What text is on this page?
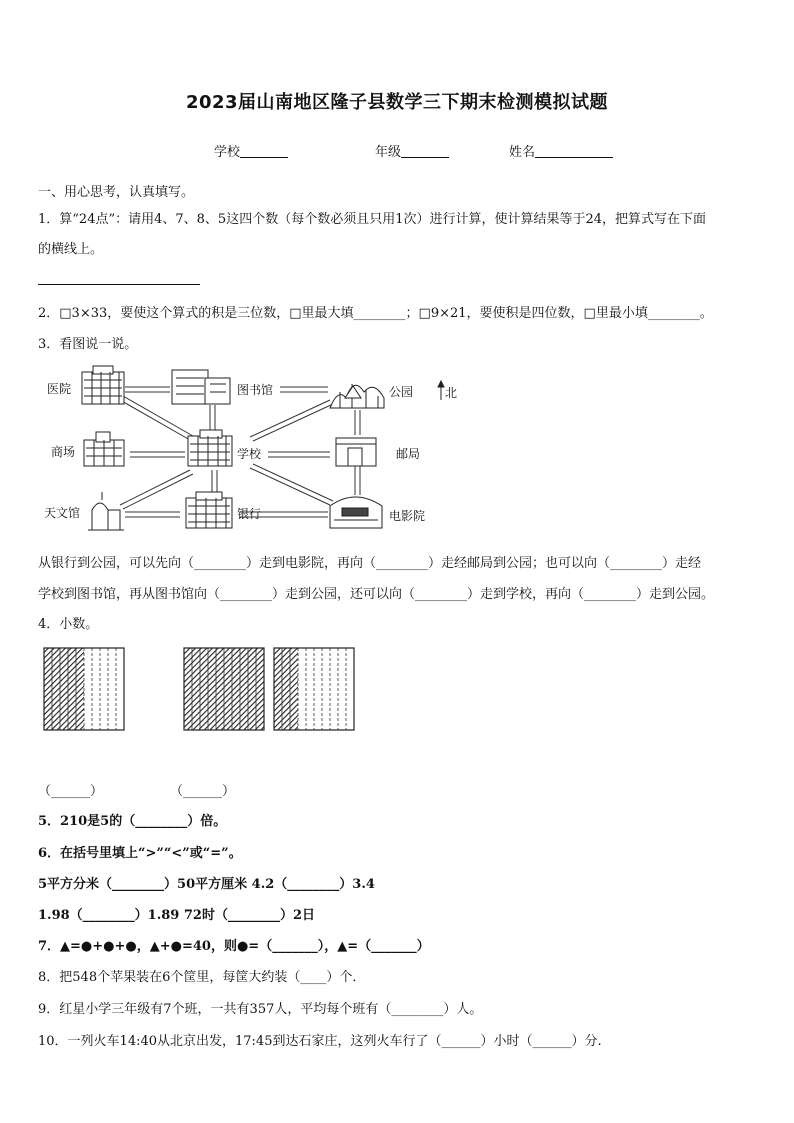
2023届山南地区隆子县数学三下期末检测模拟试题
学校	年级	姓名
一、用心思考，认真填写。
1．算“24点”：请用4、7、8、5这四个数（每个数必须且只用1次）进行计算，使计算结果等于24，把算式写在下面
的横线上。
2．□3×33，要使这个算式的积是三位数，□里最大填________；□9×21，要使积是四位数，□里最小填________。
3．看图说一说。
医院	图书馆	公园	北
商场	学校	邮局
天文馆	银行	电影院
从银行到公园，可以先向（________）走到电影院，再向（________）走经邮局到公园；也可以向（________）走经
学校到图书馆，再从图书馆向（________）走到公园，还可以向（________）走到学校，再向（________）走到公园。
4．小数。
（______）	（______）
5．210是5的（________）倍。
6．在括号里填上“>”“<”或“=”。
5平方分米（________）50平方厘米 4.2（________）3.4
1.98（________）1.89 72时（________）2日
7．▲=●+●+●，▲+●=40，则●=（_______），▲=（_______）
8．把548个苹果装在6个筐里，每筐大约装（____）个．
9．红星小学三年级有7个班，一共有357人，平均每个班有（________）人。
10．一列火车14:40从北京出发，17:45到达石家庄，这列火车行了（______）小时（______）分.
